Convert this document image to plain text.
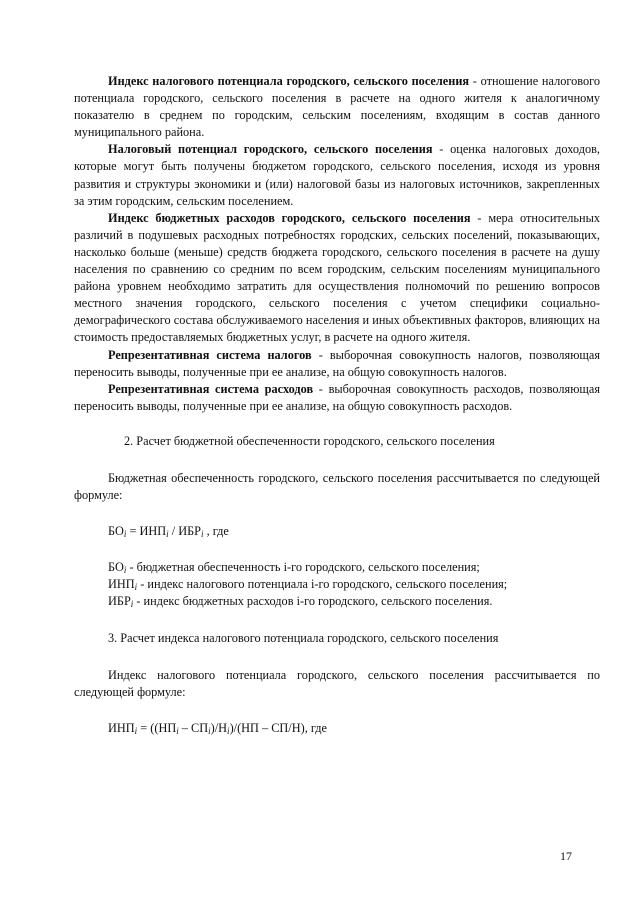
Индекс налогового потенциала городского, сельского поселения - отношение налогового потенциала городского, сельского поселения в расчете на одного жителя к аналогичному показателю в среднем по городским, сельским поселениям, входящим в состав данного муниципального района.

Налоговый потенциал городского, сельского поселения - оценка налоговых доходов, которые могут быть получены бюджетом городского, сельского поселения, исходя из уровня развития и структуры экономики и (или) налоговой базы из налоговых источников, закрепленных за этим городским, сельским поселением.

Индекс бюджетных расходов городского, сельского поселения - мера относительных различий в подушевых расходных потребностях городских, сельских поселений, показывающих, насколько больше (меньше) средств бюджета городского, сельского поселения в расчете на душу населения по сравнению со средним по всем городским, сельским поселениям муниципального района уровнем необходимо затратить для осуществления полномочий по решению вопросов местного значения городского, сельского поселения с учетом специфики социально-демографического состава обслуживаемого населения и иных объективных факторов, влияющих на стоимость предоставляемых бюджетных услуг, в расчете на одного жителя.

Репрезентативная система налогов - выборочная совокупность налогов, позволяющая переносить выводы, полученные при ее анализе, на общую совокупность налогов.

Репрезентативная система расходов - выборочная совокупность расходов, позволяющая переносить выводы, полученные при ее анализе, на общую совокупность расходов.

2. Расчет бюджетной обеспеченности городского, сельского поселения

Бюджетная обеспеченность городского, сельского поселения рассчитывается по следующей формуле:

$БО_i = ИНП_i / ИБР_i$ , где

$БО_i$ - бюджетная обеспеченность i-го городского, сельского поселения;

$ИНП_i$ - индекс налогового потенциала i-го городского, сельского поселения;

$ИБР_i$ - индекс бюджетных расходов i-го городского, сельского поселения.

3. Расчет индекса налогового потенциала городского, сельского поселения

Индекс налогового потенциала городского, сельского поселения рассчитывается по следующей формуле:

$ИНП_i = ((НП_i - СП_i)/Н_i)/(НП - СП/Н)$, где

17
